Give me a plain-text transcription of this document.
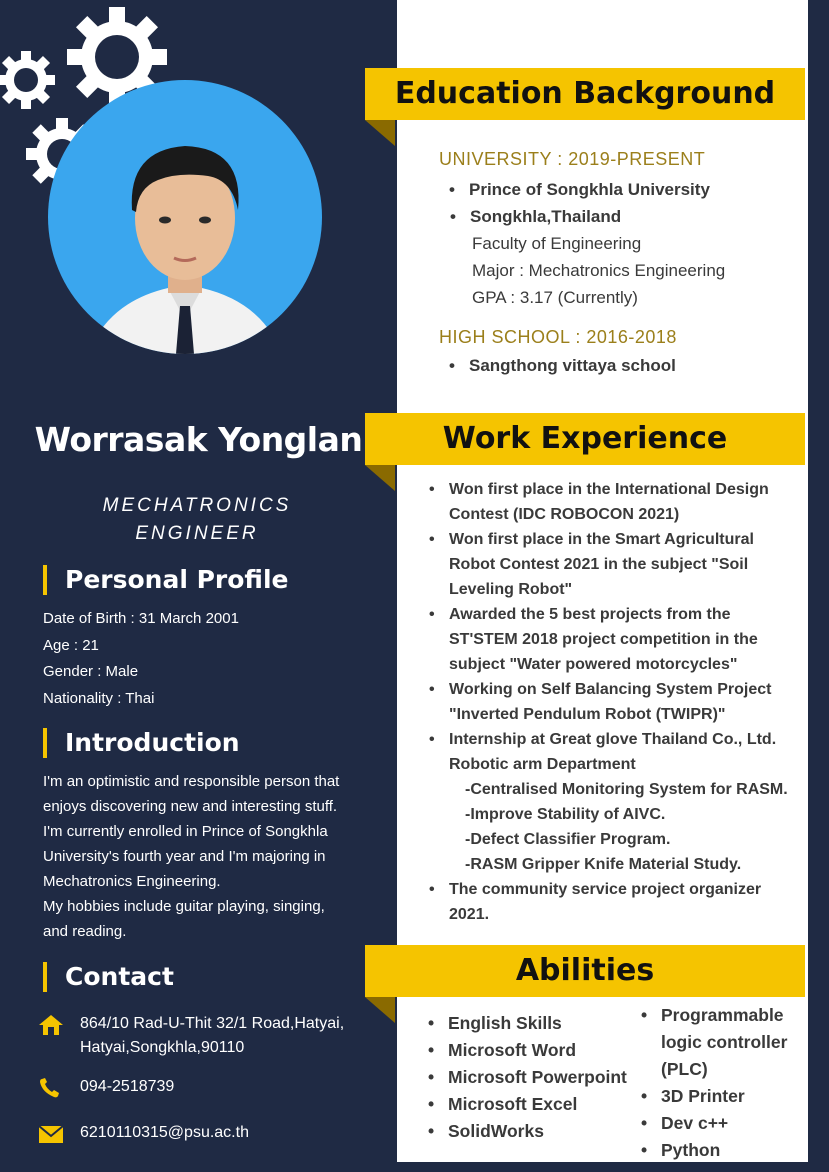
Worrasak Yonglan
MECHATRONICS
ENGINEER
Personal Profile
Date of Birth : 31 March 2001
Age : 21
Gender : Male
Nationality : Thai
Introduction
I'm an optimistic and responsible person that
enjoys discovering new and interesting stuff.
I'm currently enrolled in Prince of Songkhla
University's fourth year and I'm majoring in
Mechatronics Engineering.
My hobbies include guitar playing, singing,
and reading.
Contact
864/10 Rad-U-Thit 32/1 Road,Hatyai,
Hatyai,Songkhla,90110
094-2518739
6210110315@psu.ac.th
Education Background
UNIVERSITY : 2019-PRESENT
• Prince of Songkhla University
• Songkhla,Thailand
Faculty of Engineering
Major : Mechatronics Engineering
GPA : 3.17 (Currently)
HIGH SCHOOL : 2016-2018
• Sangthong vittaya school
Work Experience
• Won first place in the International Design
Contest (IDC ROBOCON 2021)
• Won first place in the Smart Agricultural
Robot Contest 2021 in the subject "Soil
Leveling Robot"
• Awarded the 5 best projects from the
ST'STEM 2018 project competition in the
subject "Water powered motorcycles"
• Working on Self Balancing System Project
"Inverted Pendulum Robot (TWIPR)"
• Internship at Great glove Thailand Co., Ltd.
Robotic arm Department
-Centralised Monitoring System for RASM.
-Improve Stability of AIVC.
-Defect Classifier Program.
-RASM Gripper Knife Material Study.
• The community service project organizer
2021.
Abilities
• English Skills
• Microsoft Word
• Microsoft Powerpoint
• Microsoft Excel
• SolidWorks
• Programmable
logic controller
(PLC)
• 3D Printer
• Dev c++
• Python
